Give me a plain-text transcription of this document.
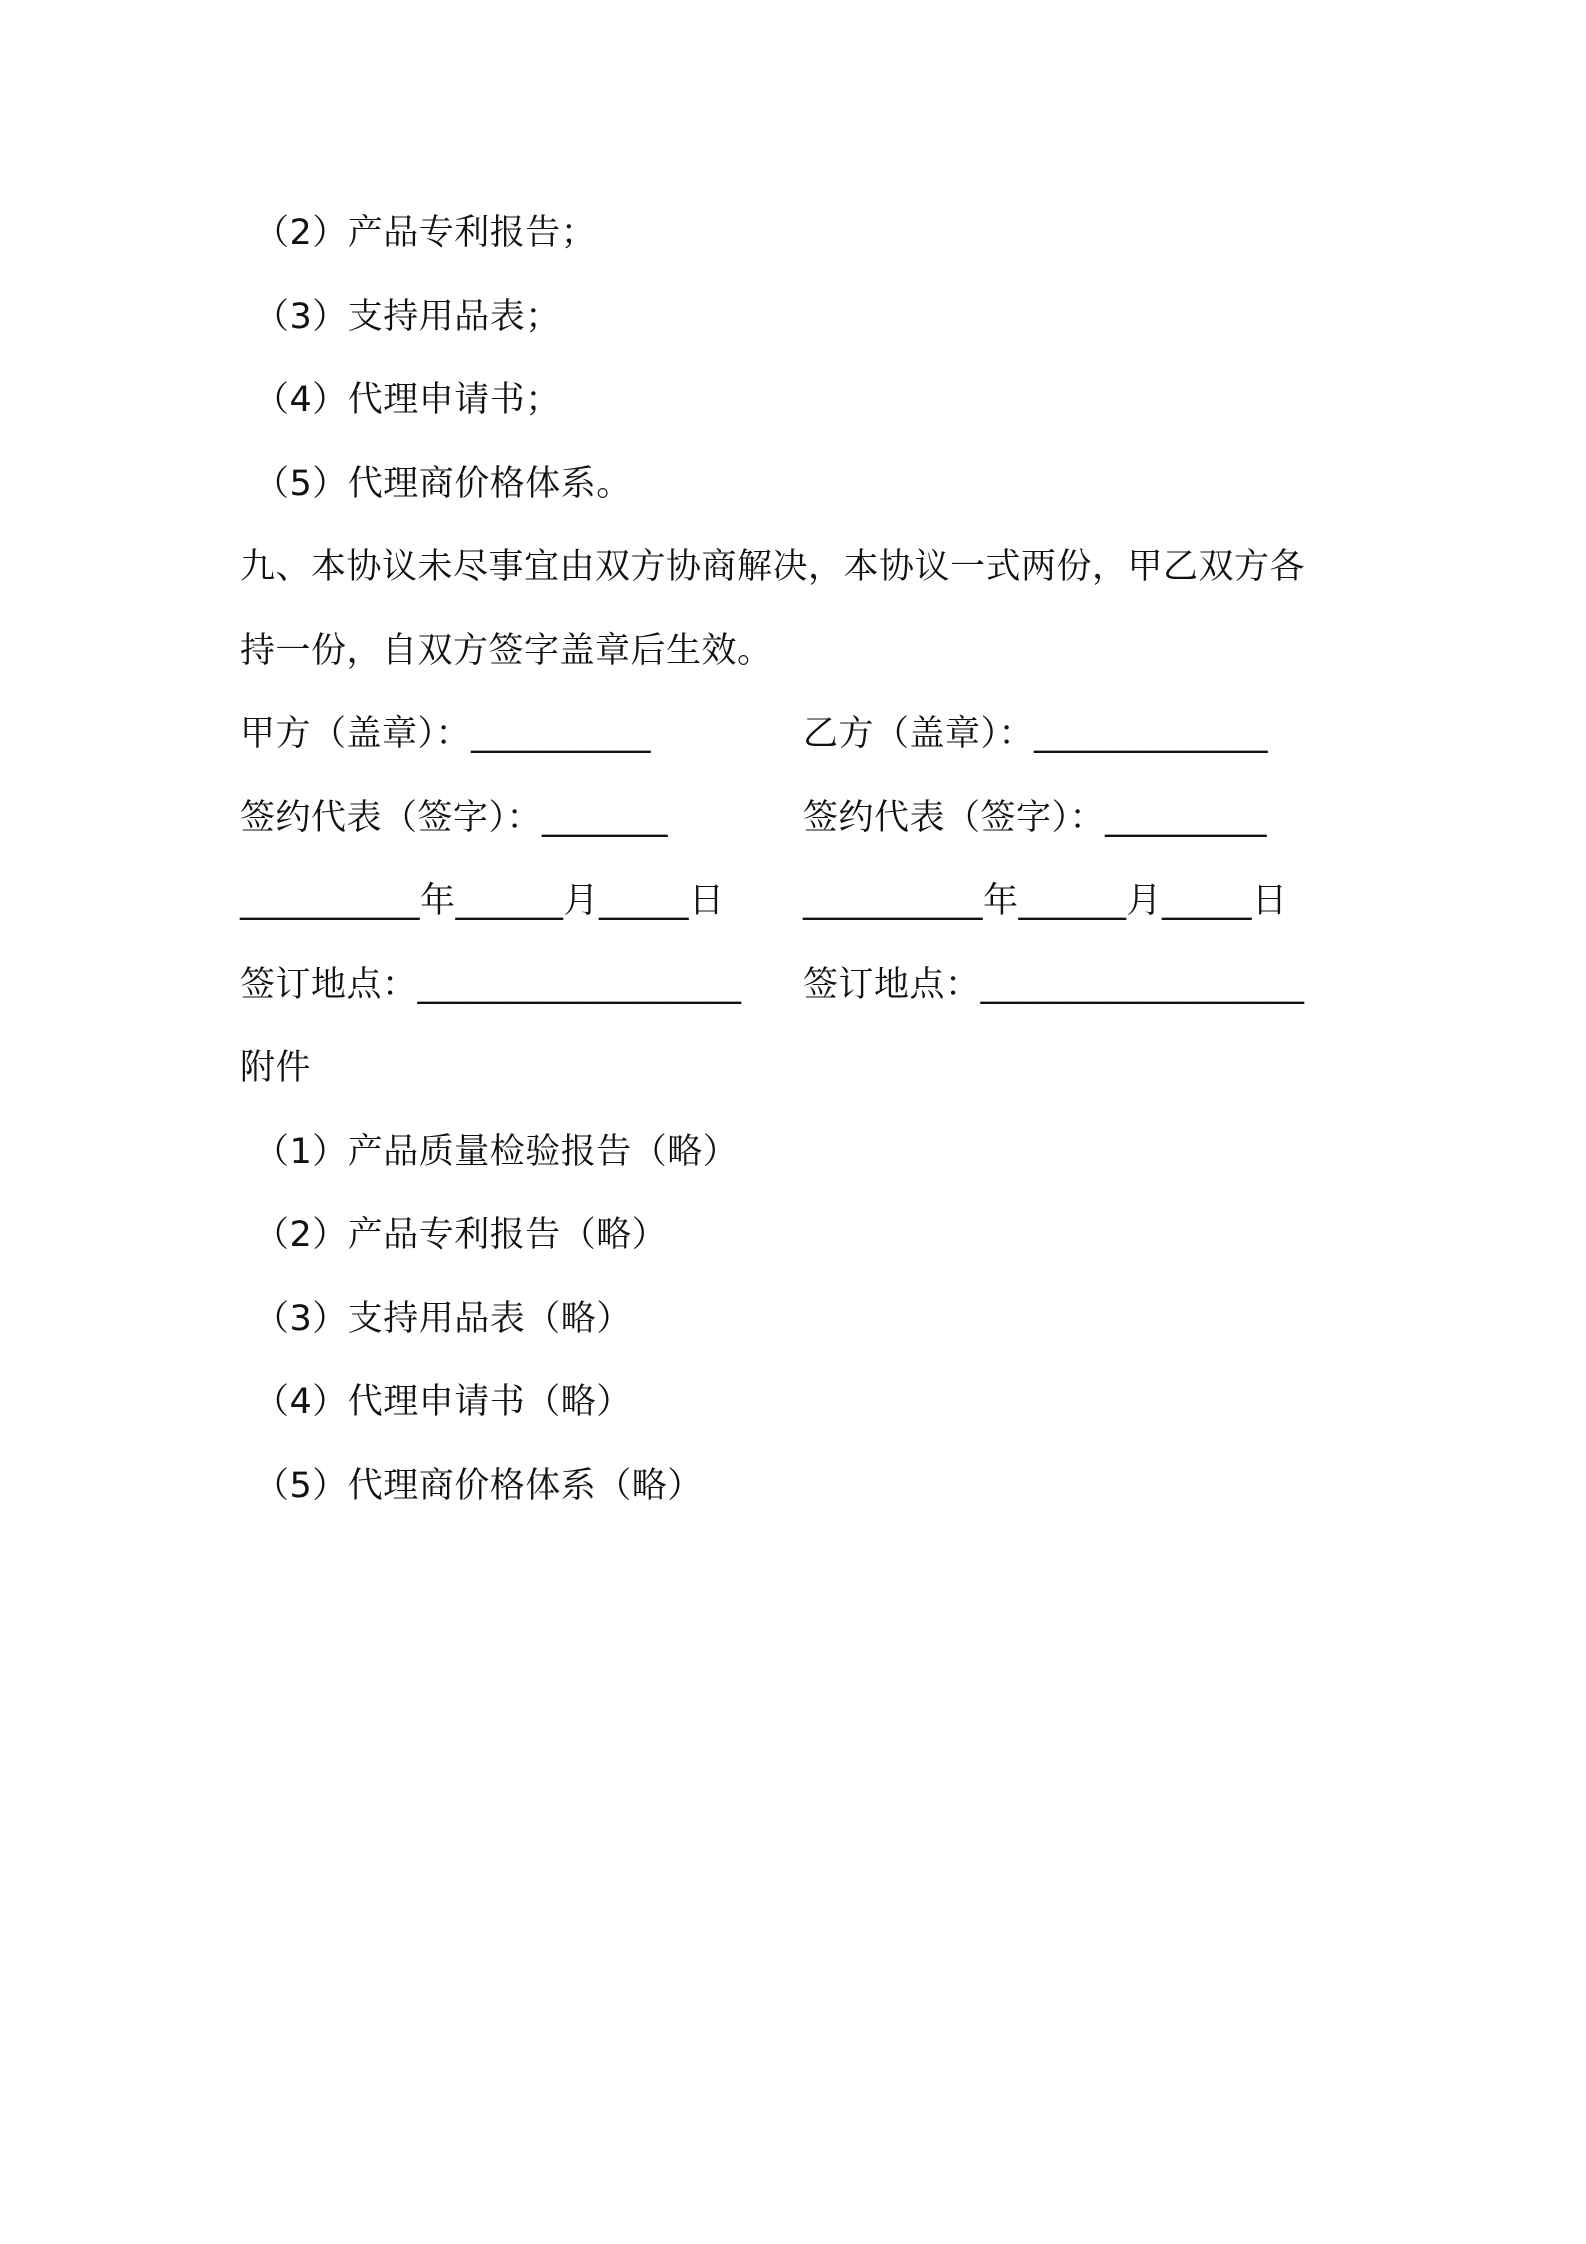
（2）产品专利报告；
（3）支持用品表；
（4）代理申请书；
（5）代理商价格体系。
九、本协议未尽事宜由双方协商解决，本协议一式两份，甲乙双方各
持一份，自双方签字盖章后生效。
甲方（盖章）：__________	乙方（盖章）：_____________
签约代表（签字）：_______	签约代表（签字）：_________
__________年______月_____日	__________年______月_____日
签订地点：__________________	签订地点：__________________
附件
（1）产品质量检验报告（略）
（2）产品专利报告（略）
（3）支持用品表（略）
（4）代理申请书（略）
（5）代理商价格体系（略）
